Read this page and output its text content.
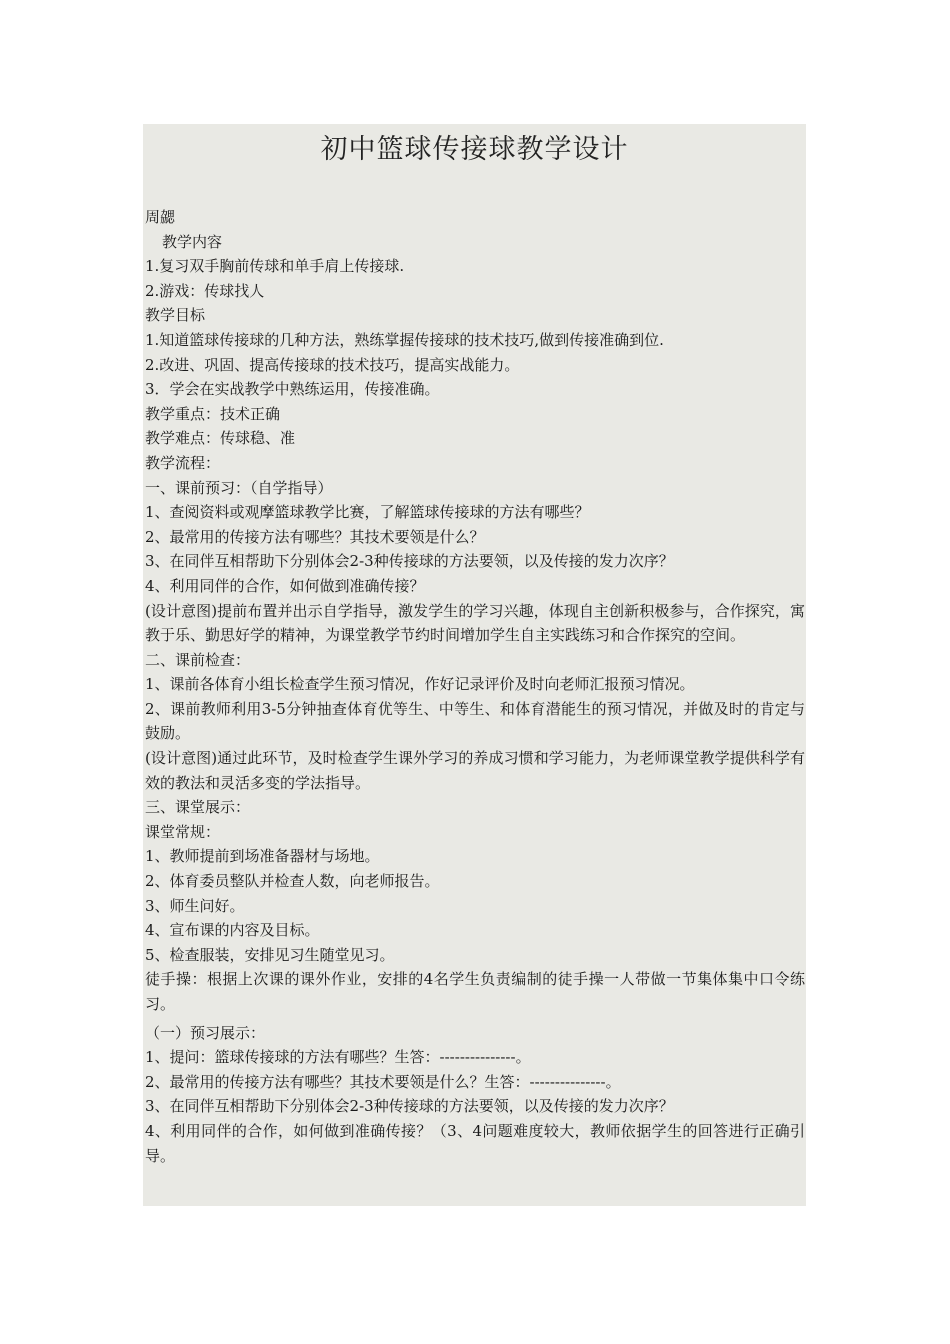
初中篮球传接球教学设计

周勰

教学内容

1.复习双手胸前传球和单手肩上传接球.

2.游戏：传球找人

教学目标

1.知道篮球传接球的几种方法，熟练掌握传接球的技术技巧,做到传接准确到位.

2.改进、巩固、提高传接球的技术技巧，提高实战能力。

3．学会在实战教学中熟练运用，传接准确。

教学重点：技术正确

教学难点：传球稳、准

教学流程：

一、课前预习：（自学指导）

1、查阅资料或观摩篮球教学比赛，了解篮球传接球的方法有哪些？

2、最常用的传接方法有哪些？其技术要领是什么？

3、在同伴互相帮助下分别体会2-3种传接球的方法要领，以及传接的发力次序？

4、利用同伴的合作，如何做到准确传接？

(设计意图)提前布置并出示自学指导，激发学生的学习兴趣，体现自主创新积极参与，合作探究，寓教于乐、勤思好学的精神，为课堂教学节约时间增加学生自主实践练习和合作探究的空间。

二、课前检查：

1、课前各体育小组长检查学生预习情况，作好记录评价及时向老师汇报预习情况。

2、课前教师利用3-5分钟抽查体育优等生、中等生、和体育潜能生的预习情况，并做及时的肯定与鼓励。

(设计意图)通过此环节，及时检查学生课外学习的养成习惯和学习能力，为老师课堂教学提供科学有效的教法和灵活多变的学法指导。

三、课堂展示：

课堂常规：

1、教师提前到场准备器材与场地。

2、体育委员整队并检查人数，向老师报告。

3、师生问好。

4、宣布课的内容及目标。

5、检查服装，安排见习生随堂见习。

徒手操：根据上次课的课外作业，安排的4名学生负责编制的徒手操一人带做一节集体集中口令练习。

（一）预习展示：

1、提问：篮球传接球的方法有哪些？生答：---------------。

2、最常用的传接方法有哪些？其技术要领是什么？生答：---------------。

3、在同伴互相帮助下分别体会2-3种传接球的方法要领，以及传接的发力次序？

4、利用同伴的合作，如何做到准确传接？（3、4问题难度较大，教师依据学生的回答进行正确引导。
